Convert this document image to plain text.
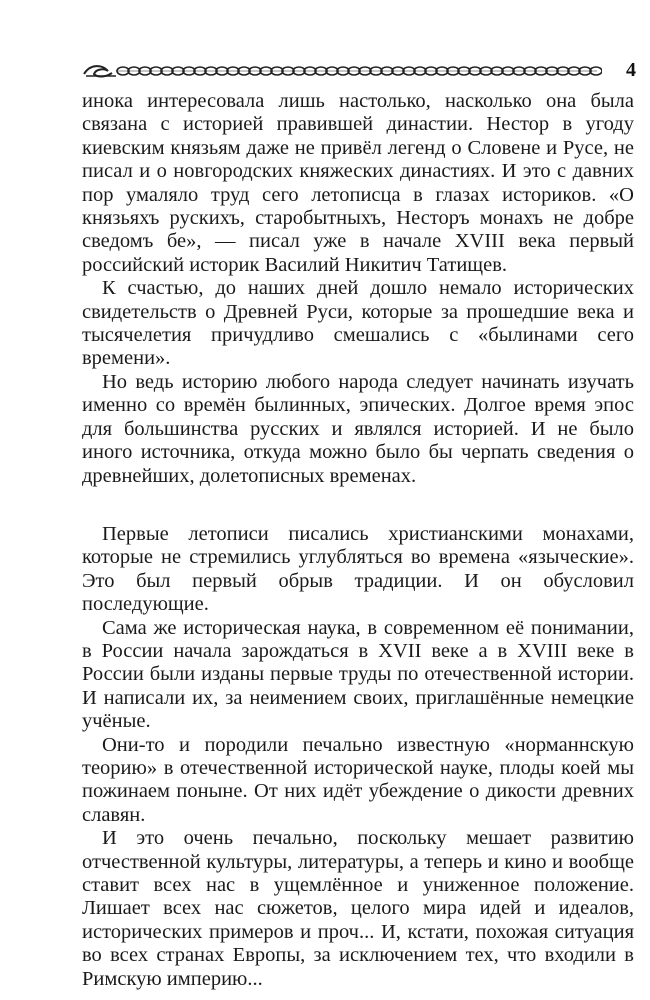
4

инока интересовала лишь настолько, насколько она была связана с историей правившей династии. Нестор в угоду киевским князьям даже не привёл легенд о Словене и Русе, не писал и о новгородских княжеских династиях. И это с давних пор умаляло труд сего летописца в глазах историков. «О князьяхъ рускихъ, старобытныхъ, Несторъ монахъ не добре сведомъ бе», — писал уже в начале XVIII века первый российский историк Василий Никитич Татищев.

К счастью, до наших дней дошло немало исторических свидетельств о Древней Руси, которые за прошедшие века и тысячелетия причудливо смешались с «былинами сего времени».

Но ведь историю любого народа следует начинать изучать именно со времён былинных, эпических. Долгое время эпос для большинства русских и являлся историей. И не было иного источника, откуда можно было бы черпать сведения о древнейших, долетописных временах.

Первые летописи писались христианскими монахами, которые не стремились углубляться во времена «языческие». Это был первый обрыв традиции. И он обусловил последующие.

Сама же историческая наука, в современном её понимании, в России начала зарождаться в XVII веке а в XVIII веке в России были изданы первые труды по отечественной истории. И написали их, за неимением своих, приглашённые немецкие учёные.

Они-то и породили печально известную «норманнскую теорию» в отечественной исторической науке, плоды коей мы пожинаем поныне. От них идёт убеждение о дикости древних славян.

И это очень печально, поскольку мешает развитию отчественной культуры, литературы, а теперь и кино и вообще ставит всех нас в ущемлённое и униженное положение. Лишает всех нас сюжетов, целого мира идей и идеалов, исторических примеров и проч... И, кстати, похожая ситуация во всех странах Европы, за исключением тех, что входили в Римскую империю...
